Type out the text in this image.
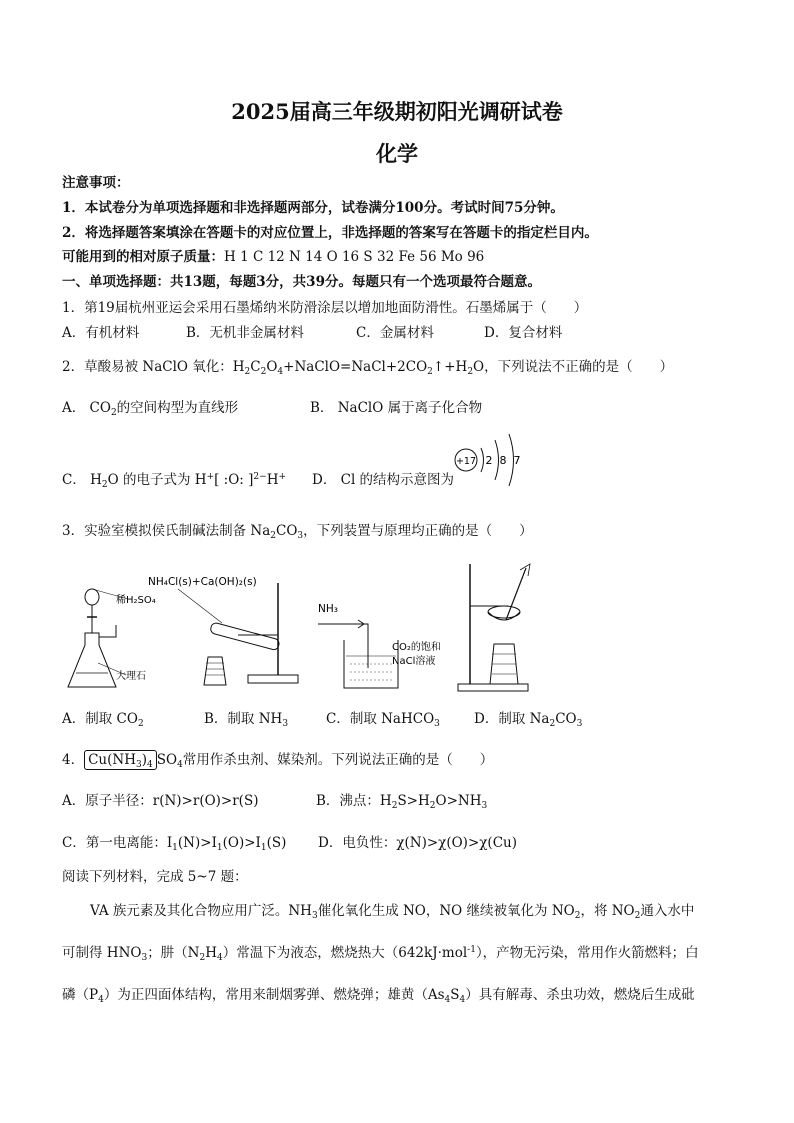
2025届高三年级期初阳光调研试卷
化学
注意事项：
1．本试卷分为单项选择题和非选择题两部分，试卷满分100分。考试时间75分钟。
2．将选择题答案填涂在答题卡的对应位置上，非选择题的答案写在答题卡的指定栏目内。
可能用到的相对原子质量：H 1 C 12 N 14 O 16 S 32 Fe 56 Mo 96
一、单项选择题：共13题，每题3分，共39分。每题只有一个选项最符合题意。
1．第19届杭州亚运会采用石墨烯纳米防滑涂层以增加地面防滑性。石墨烯属于（　　）
A．有机材料	B．无机非金属材料	C．金属材料	D．复合材料
2．草酸易被 NaClO 氧化：$H_2C_2O_4+NaClO=NaCl+2CO_2↑+H_2O$，下列说法不正确的是（　　）
A． $CO_2$的空间构型为直线形	B． NaClO 属于离子化合物
C． $H_2O$ 的电子式为 H+[ :O: ]$^{2-}$H+ D． Cl 的结构示意图为
+17 2 8 7
3．实验室模拟侯氏制碱法制备 $Na_2CO_3$，下列装置与原理均正确的是（　　）
稀H₂SO₄
大理石
NH₄Cl(s)+Ca(OH)₂(s)
NH₃
CO₂的饱和
NaCl溶液
A．制取 $CO_2$	B．制取 $NH_3$	C．制取 NaHCO$_3$	D．制取 $Na_2CO_3$
4． $Cu(NH_3)_4$ $SO_4$常用作杀虫剂、媒染剂。下列说法正确的是（　　）
A．原子半径：r(N)>r(O)>r(S)	B．沸点：$H_2S>H_2O>NH_3$
C．第一电离能：$I_1(N)>I_1(O)>I_1(S)$ D．电负性：χ(N)>χ(O)>χ(Cu)
阅读下列材料，完成 5~7 题：
VA 族元素及其化合物应用广泛。$NH_3$催化氧化生成 NO，NO 继续被氧化为 $NO_2$，将 $NO_2$通入水中
可制得 $HNO_3$；肼$(N_2H_4)$常温下为液态，燃烧热大（642kJ·mol$^{-1}$），产物无污染，常用作火箭燃料；白
磷$(P_4)$为正四面体结构，常用来制烟雾弹、燃烧弹；雄黄$(As_4S_4)$具有解毒、杀虫功效，燃烧后生成砒
